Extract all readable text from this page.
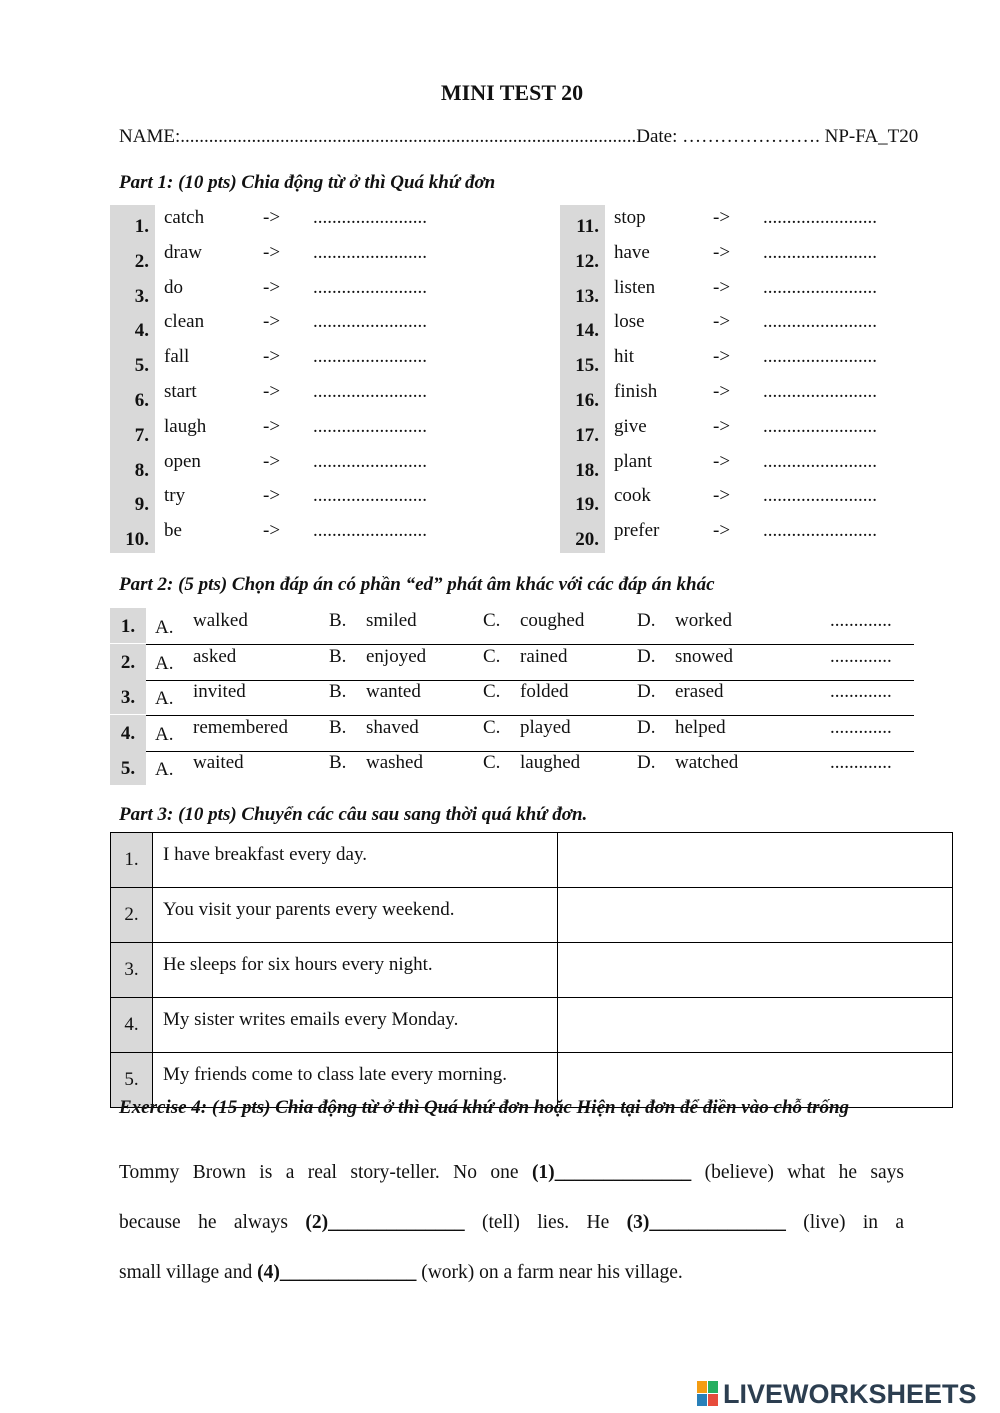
MINI TEST 20
NAME:................................................................................................Date: …………………. NP-FA_T20
Part 1: (10 pts) Chia động từ ở thì Quá khứ đơn
1. catch	-> ........................
2. draw	-> ........................
3. do	-> ........................
4. clean	-> ........................
5. fall	-> ........................
6. start	-> ........................
7. laugh	-> ........................
8. open	-> ........................
9. try	-> ........................
10. be	-> ........................
11. stop	-> ........................
12. have	-> ........................
13. listen	-> ........................
14. lose	-> ........................
15. hit	-> ........................
16. finish	-> ........................
17. give	-> ........................
18. plant	-> ........................
19. cook	-> ........................
20. prefer	-> ........................
Part 2: (5 pts) Chọn đáp án có phần “ed” phát âm khác với các đáp án khác
1.	A. walked	B. smiled	C. coughed	D. worked	.............
2.	A. asked	B. enjoyed	C. rained	D. snowed	.............
3.	A. invited	B. wanted	C. folded	D. erased	.............
4.	A. remembered B. shaved	C. played	D. helped	.............
5.	A. waited	B. washed	C. laughed	D. watched	.............
Part 3: (10 pts) Chuyển các câu sau sang thời quá khứ đơn.
1.	I have breakfast every day.	
2.	You visit your parents every weekend.	
3.	He sleeps for six hours every night.	
4.	My sister writes emails every Monday.	
5.	My friends come to class late every morning.	
Exercise 4: (15 pts) Chia động từ ở thì Quá khứ đơn hoặc Hiện tại đơn để điền vào chỗ trống
Tommy Brown is a real story-teller. No one (1)______________ (believe) what he says
because he always (2)______________ (tell) lies. He (3)______________ (live) in a
small village and (4)______________ (work) on a farm near his village.
LIVEWORKSHEETS
